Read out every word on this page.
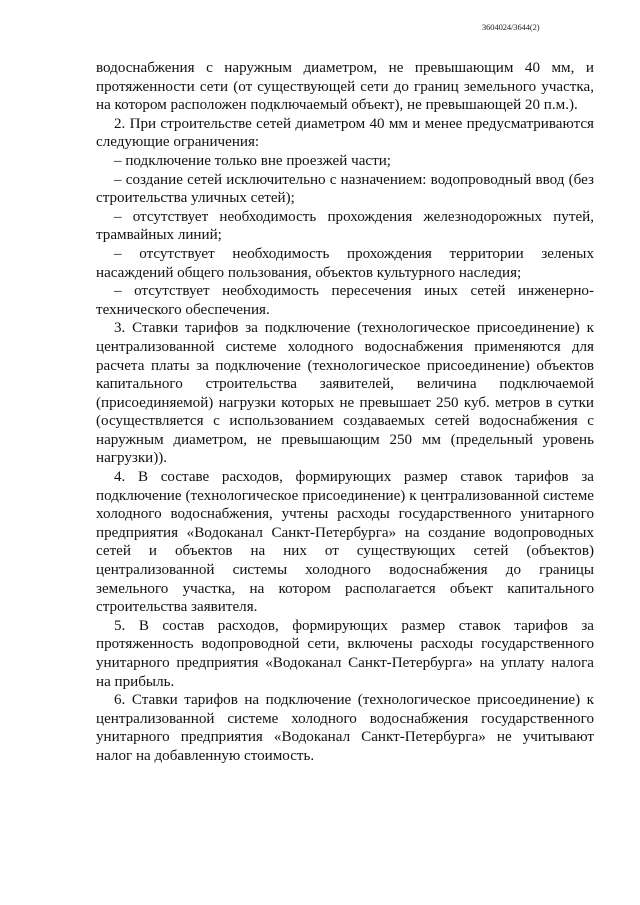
3604024/3644(2)

водоснабжения с наружным диаметром, не превышающим 40 мм, и протяженности сети (от существующей сети до границ земельного участка, на котором расположен подключаемый объект), не превышающей 20 п.м.).

2. При строительстве сетей диаметром 40 мм и менее предусматриваются следующие ограничения:

– подключение только вне проезжей части;

– создание сетей исключительно с назначением: водопроводный ввод (без строительства уличных сетей);

– отсутствует необходимость прохождения железнодорожных путей, трамвайных линий;

– отсутствует необходимость прохождения территории зеленых насаждений общего пользования, объектов культурного наследия;

– отсутствует необходимость пересечения иных сетей инженерно-технического обеспечения.

3. Ставки тарифов за подключение (технологическое присоединение) к централизованной системе холодного водоснабжения применяются для расчета платы за подключение (технологическое присоединение) объектов капитального строительства заявителей, величина подключаемой (присоединяемой) нагрузки которых не превышает 250 куб. метров в сутки (осуществляется с использованием создаваемых сетей водоснабжения с наружным диаметром, не превышающим 250 мм (предельный уровень нагрузки)).

4. В составе расходов, формирующих размер ставок тарифов за подключение (технологическое присоединение) к централизованной системе холодного водоснабжения, учтены расходы государственного унитарного предприятия «Водоканал Санкт-Петербурга» на создание водопроводных сетей и объектов на них от существующих сетей (объектов) централизованной системы холодного водоснабжения до границы земельного участка, на котором располагается объект капитального строительства заявителя.

5. В состав расходов, формирующих размер ставок тарифов за протяженность водопроводной сети, включены расходы государственного унитарного предприятия «Водоканал Санкт-Петербурга» на уплату налога на прибыль.

6. Ставки тарифов на подключение (технологическое присоединение) к централизованной системе холодного водоснабжения государственного унитарного предприятия «Водоканал Санкт-Петербурга» не учитывают налог на добавленную стоимость.
